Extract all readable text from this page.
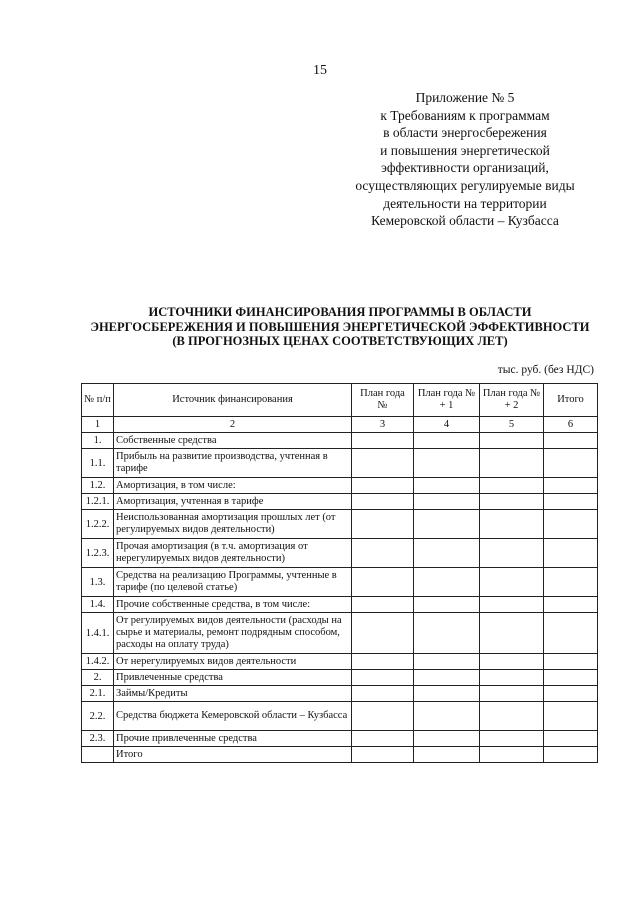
15
Приложение № 5
к Требованиям к программам
в области энергосбережения
и повышения энергетической
эффективности организаций,
осуществляющих регулируемые виды
деятельности на территории
Кемеровской области – Кузбасса
ИСТОЧНИКИ ФИНАНСИРОВАНИЯ ПРОГРАММЫ В ОБЛАСТИ
ЭНЕРГОСБЕРЕЖЕНИЯ И ПОВЫШЕНИЯ ЭНЕРГЕТИЧЕСКОЙ ЭФФЕКТИВНОСТИ
(В ПРОГНОЗНЫХ ЦЕНАХ СООТВЕТСТВУЮЩИХ ЛЕТ)
тыс. руб. (без НДС)
№ п/п	Источник финансирования	План года №	План года № + 1	План года № + 2	Итого
1	2	3	4	5	6
1.	Собственные средства				
1.1.	Прибыль на развитие производства, учтенная в тарифе				
1.2.	Амортизация, в том числе:				
1.2.1.	Амортизация, учтенная в тарифе				
1.2.2.	Неиспользованная амортизация прошлых лет (от регулируемых видов деятельности)				
1.2.3.	Прочая амортизация (в т.ч. амортизация от нерегулируемых видов деятельности)				
1.3.	Средства на реализацию Программы, учтенные в тарифе (по целевой статье)				
1.4.	Прочие собственные средства, в том числе:				
1.4.1.	От регулируемых видов деятельности (расходы на сырье и материалы, ремонт подрядным способом, расходы на оплату труда)				
1.4.2.	От нерегулируемых видов деятельности				
2.	Привлеченные средства				
2.1.	Займы/Кредиты				
2.2.	Средства бюджета Кемеровской области – Кузбасса				
2.3.	Прочие привлеченные средства				
	Итого				
